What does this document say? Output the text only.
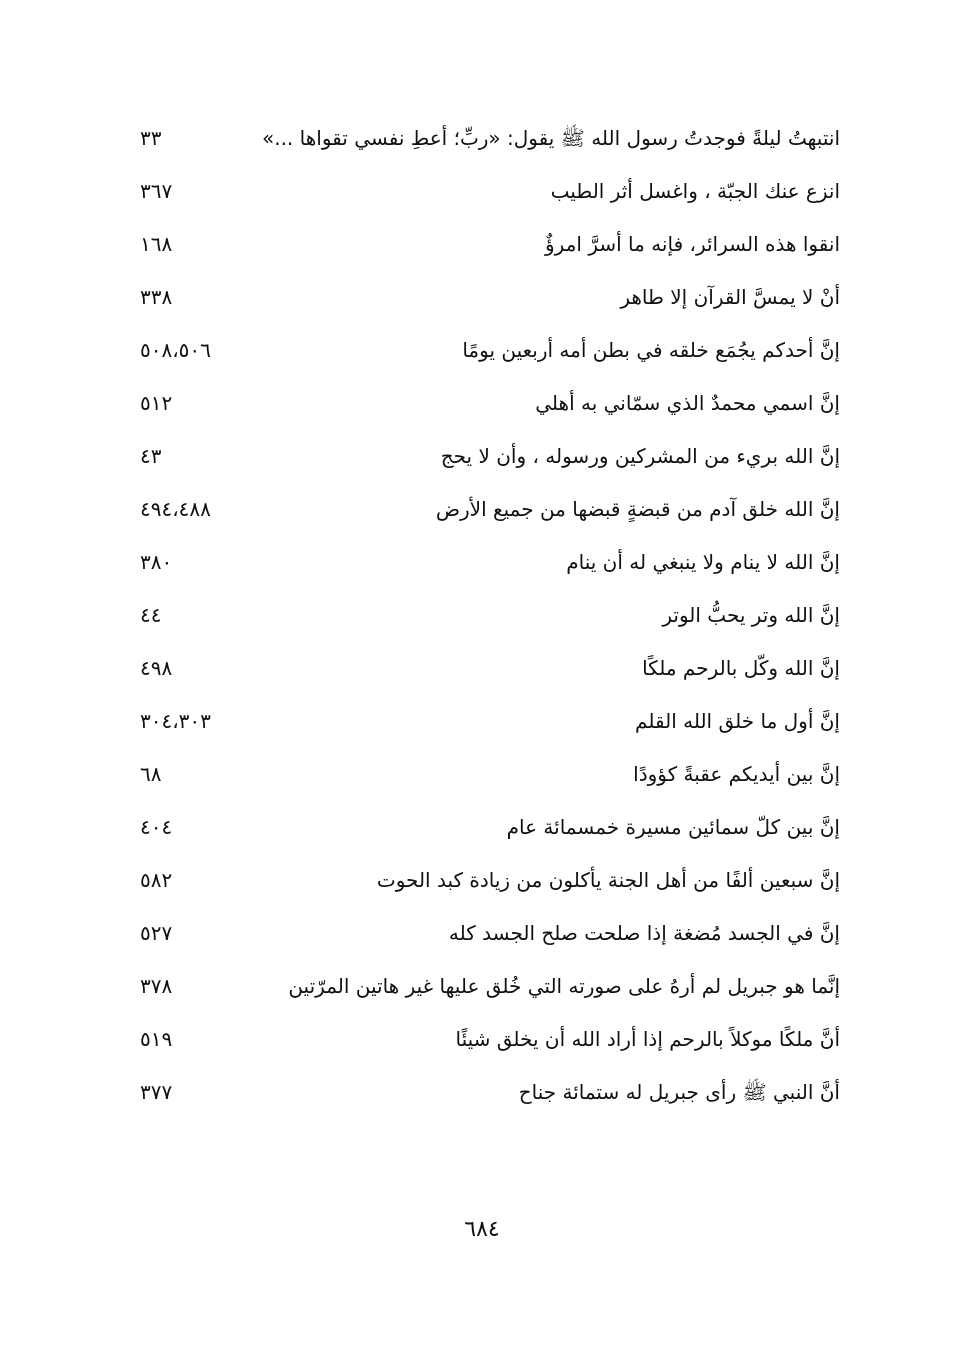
انتبهتُ ليلةً فوجدتُ رسول الله ﷺ يقول: «ربِّ؛ أعطِ نفسي تقواها ...»
٣٣
انزع عنك الجبّة ، واغسل أثر الطيب
٣٦٧
انقوا هذه السرائر، فإنه ما أسرَّ امرؤٌ
١٦٨
أنْ لا يمسَّ القرآن إلا طاهر
٣٣٨
إنَّ أحدكم يجُمَع خلقه في بطن أمه أربعين يومًا
٥٠٨،٥٠٦
إنَّ اسمي محمدٌ الذي سمّاني به أهلي
٥١٢
إنَّ الله بريء من المشركين ورسوله ، وأن لا يحج
٤٣
إنَّ الله خلق آدم من قبضةٍ قبضها من جميع الأرض
٤٩٤،٤٨٨
إنَّ الله لا ينام ولا ينبغي له أن ينام
٣٨٠
إنَّ الله وتر يحبُّ الوتر
٤٤
إنَّ الله وكّل بالرحم ملكًا
٤٩٨
إنَّ أول ما خلق الله القلم
٣٠٤،٣٠٣
إنَّ بين أيديكم عقبةً كؤودًا
٦٨
إنَّ بين كلّ سمائين مسيرة خمسمائة عام
٤٠٤
إنَّ سبعين ألفًا من أهل الجنة يأكلون من زيادة كبد الحوت
٥٨٢
إنَّ في الجسد مُضغة إذا صلحت صلح الجسد كله
٥٢٧
إنَّما هو جبريل لم أرهُ على صورته التي خُلق عليها غير هاتين المرّتين
٣٧٨
أنَّ ملكًا موكلاً بالرحم إذا أراد الله أن يخلق شيئًا
٥١٩
أنَّ النبي ﷺ رأى جبريل له ستمائة جناح
٣٧٧
٦٨٤
